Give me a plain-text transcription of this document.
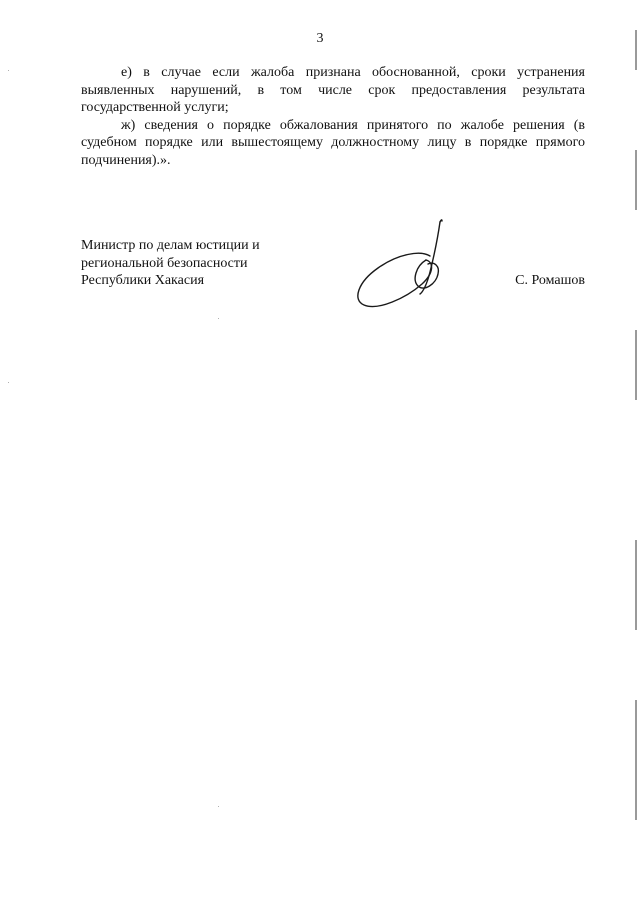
3

е) в случае если жалоба признана обоснованной, сроки устранения выявленных нарушений, в том числе срок предоставления результата государственной услуги;

ж) сведения о порядке обжалования принятого по жалобе решения (в судебном порядке или вышестоящему должностному лицу в порядке прямого подчинения).».

Министр по делам юстиции и
региональной безопасности
Республики Хакасия	С. Ромашов
